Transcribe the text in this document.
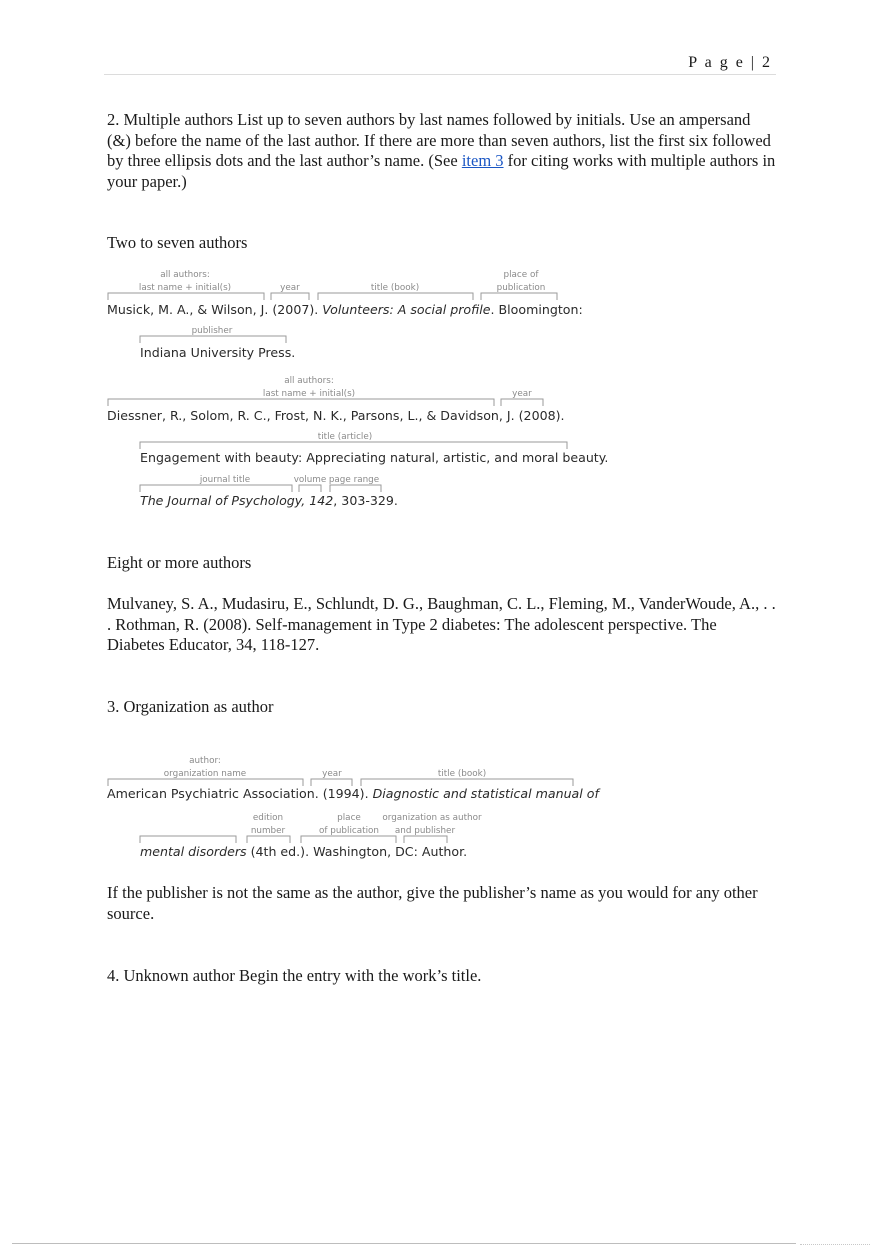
P a g e | 2

2. Multiple authors List up to seven authors by last names followed by initials. Use an ampersand (&) before the name of the last author. If there are more than seven authors, list the first six followed by three ellipsis dots and the last author’s name. (See item 3 for citing works with multiple authors in your paper.)

Two to seven authors

all authors:
last name + initial(s)	year	title (book)
place of
publication
Musick, M. A., & Wilson, J. (2007). Volunteers: A social profile. Bloomington:
publisher
Indiana University Press.
all authors:
last name + initial(s)	year
Diessner, R., Solom, R. C., Frost, N. K., Parsons, L., & Davidson, J. (2008).
title (article)
Engagement with beauty: Appreciating natural, artistic, and moral beauty.
journal title	volume page range
The Journal of Psychology, 142, 303-329.
author:
organization name	year	title (book)
American Psychiatric Association. (1994). Diagnostic and statistical manual of
edition
number
place
of publication
organization as author
and publisher
mental disorders (4th ed.). Washington, DC: Author.

Eight or more authors

Mulvaney, S. A., Mudasiru, E., Schlundt, D. G., Baughman, C. L., Fleming, M., VanderWoude, A., . . . Rothman, R. (2008). Self-management in Type 2 diabetes: The adolescent perspective. The Diabetes Educator, 34, 118-127.

3. Organization as author

If the publisher is not the same as the author, give the publisher’s name as you would for any other source.

4. Unknown author Begin the entry with the work’s title.
